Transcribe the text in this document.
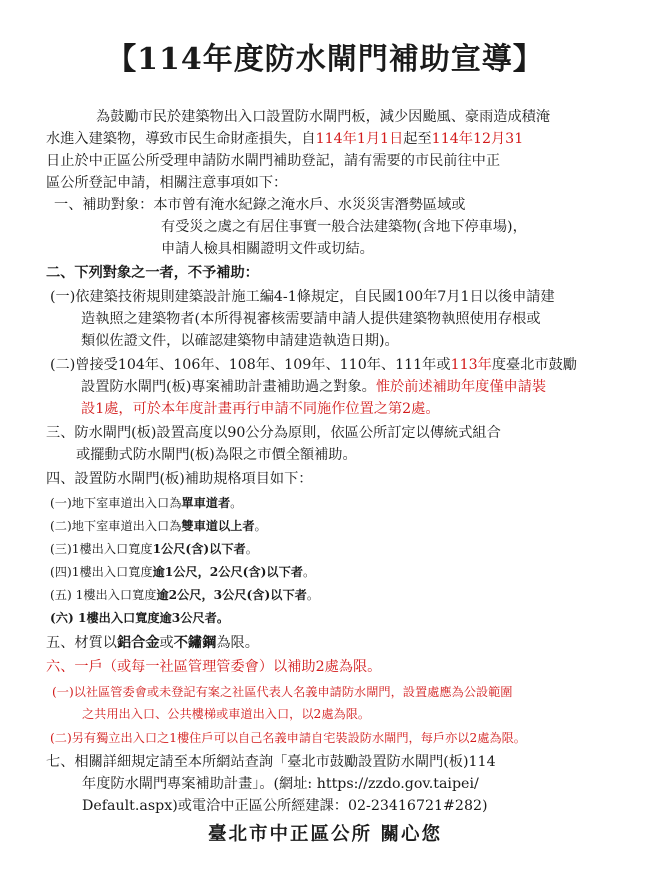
【114年度防水閘門補助宣導】
為鼓勵市民於建築物出入口設置防水閘門板，減少因颱風、豪雨造成積淹
水進入建築物，導致市民生命財產損失，自114年1月1日起至114年12月31
日止於中正區公所受理申請防水閘門補助登記，請有需要的市民前往中正
區公所登記申請，相關注意事項如下：
一、補助對象：本市曾有淹水紀錄之淹水戶、水災災害潛勢區域或
有受災之虞之有居住事實一般合法建築物(含地下停車場)，
申請人檢具相關證明文件或切結。
二、下列對象之一者，不予補助：
(一)依建築技術規則建築設計施工編4-1條規定，自民國100年7月1日以後申請建
造執照之建築物者(本所得視審核需要請申請人提供建築物執照使用存根或
類似佐證文件，以確認建築物申請建造執造日期)。
(二)曾接受104年、106年、108年、109年、110年、111年或113年度臺北市鼓勵
設置防水閘門(板)專案補助計畫補助過之對象。惟於前述補助年度僅申請裝
設1處，可於本年度計畫再行申請不同施作位置之第2處。
三、防水閘門(板)設置高度以90公分為原則，依區公所訂定以傳統式組合
或擺動式防水閘門(板)為限之市價全額補助。
四、設置防水閘門(板)補助規格項目如下：
(一)地下室車道出入口為單車道者。
(二)地下室車道出入口為雙車道以上者。
(三)1樓出入口寬度1公尺(含)以下者。
(四)1樓出入口寬度逾1公尺，2公尺(含)以下者。
(五) 1樓出入口寬度逾2公尺，3公尺(含)以下者。
(六) 1樓出入口寬度逾3公尺者。
五、材質以鋁合金或不鏽鋼為限。
六、一戶（或每一社區管理管委會）以補助2處為限。
(一)以社區管委會或未登記有案之社區代表人名義申請防水閘門，設置處應為公設範圍
之共用出入口、公共樓梯或車道出入口，以2處為限。
(二)另有獨立出入口之1樓住戶可以自己名義申請自宅裝設防水閘門，每戶亦以2處為限。
七、相關詳細規定請至本所網站查詢「臺北市鼓勵設置防水閘門(板)114
年度防水閘門專案補助計畫」。(網址: https://zzdo.gov.taipei/
Default.aspx)或電洽中正區公所經建課：02-23416721#282)
臺北市中正區公所 關心您
